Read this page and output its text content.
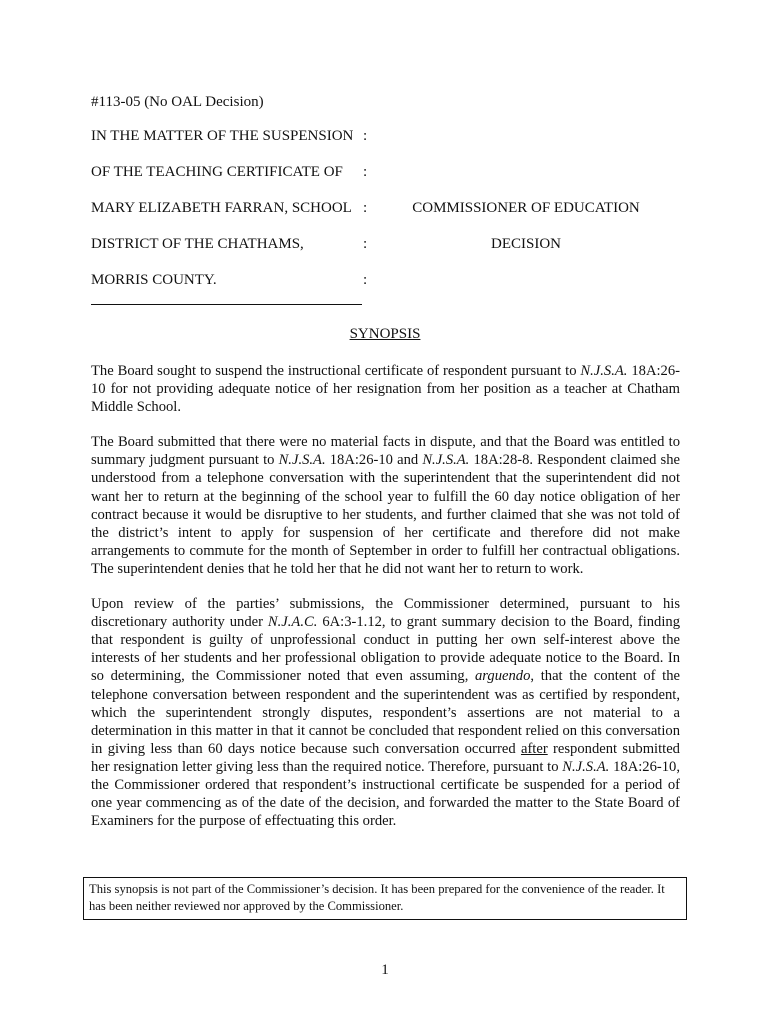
#113-05 (No OAL Decision)
IN THE MATTER OF THE SUSPENSION :
OF THE TEACHING CERTIFICATE OF :
MARY ELIZABETH FARRAN, SCHOOL :	COMMISSIONER OF EDUCATION
DISTRICT OF THE CHATHAMS,	:	DECISION
MORRIS COUNTY.	:
SYNOPSIS

The Board sought to suspend the instructional certificate of respondent pursuant to N.J.S.A. 18A:26-10 for not providing adequate notice of her resignation from her position as a teacher at Chatham Middle School.

The Board submitted that there were no material facts in dispute, and that the Board was entitled to summary judgment pursuant to N.J.S.A. 18A:26-10 and N.J.S.A. 18A:28-8. Respondent claimed she understood from a telephone conversation with the superintendent that the superintendent did not want her to return at the beginning of the school year to fulfill the 60 day notice obligation of her contract because it would be disruptive to her students, and further claimed that she was not told of the district’s intent to apply for suspension of her certificate and therefore did not make arrangements to commute for the month of September in order to fulfill her contractual obligations. The superintendent denies that he told her that he did not want her to return to work.

Upon review of the parties’ submissions, the Commissioner determined, pursuant to his discretionary authority under N.J.A.C. 6A:3-1.12, to grant summary decision to the Board, finding that respondent is guilty of unprofessional conduct in putting her own self-interest above the interests of her students and her professional obligation to provide adequate notice to the Board. In so determining, the Commissioner noted that even assuming, arguendo, that the content of the telephone conversation between respondent and the superintendent was as certified by respondent, which the superintendent strongly disputes, respondent’s assertions are not material to a determination in this matter in that it cannot be concluded that respondent relied on this conversation in giving less than 60 days notice because such conversation occurred after respondent submitted her resignation letter giving less than the required notice. Therefore, pursuant to N.J.S.A. 18A:26-10, the Commissioner ordered that respondent’s instructional certificate be suspended for a period of one year commencing as of the date of the decision, and forwarded the matter to the State Board of Examiners for the purpose of effectuating this order.

This synopsis is not part of the Commissioner’s decision. It has been prepared for the convenience of the reader. It has been neither reviewed nor approved by the Commissioner.
1
